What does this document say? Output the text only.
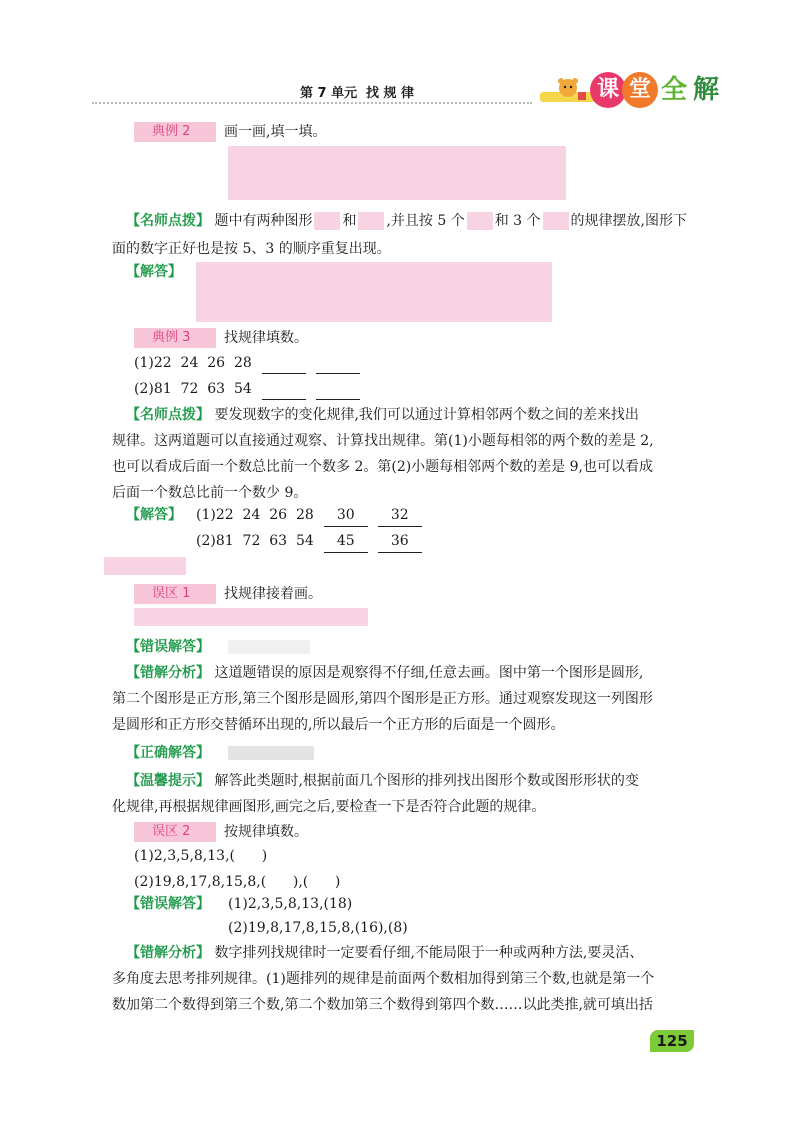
第 7 单元 找 规 律	课 堂 全 解
典例 2	画一画,填一填。
【名师点拨】 题中有两种图形 和 ,并且按 5 个 和 3 个 的规律摆放,图形下
面的数字正好也是按 5、3 的顺序重复出现。
【解答】
典例 3	找规律填数。
(1)22  24  26  28
(2)81  72  63  54
【名师点拨】 要发现数字的变化规律,我们可以通过计算相邻两个数之间的差来找出
规律。这两道题可以直接通过观察、计算找出规律。第(1)小题每相邻的两个数的差是 2,
也可以看成后面一个数总比前一个数多 2。第(2)小题每相邻两个数的差是 9,也可以看成
后面一个数总比前一个数少 9。
【解答】 (1)22  24  26  28 30	32
(2)81  72  63  54 45	36
误区 1	找规律接着画。
【错误解答】
【错解分析】 这道题错误的原因是观察得不仔细,任意去画。图中第一个图形是圆形,
第二个图形是正方形,第三个图形是圆形,第四个图形是正方形。通过观察发现这一列图形
是圆形和正方形交替循环出现的,所以最后一个正方形的后面是一个圆形。
【正确解答】
【温馨提示】 解答此类题时,根据前面几个图形的排列找出图形个数或图形形状的变
化规律,再根据规律画图形,画完之后,要检查一下是否符合此题的规律。
误区 2	按规律填数。
(1)2,3,5,8,13,(      )
(2)19,8,17,8,15,8,(      ),(      )
【错误解答】 (1)2,3,5,8,13,(18)
(2)19,8,17,8,15,8,(16),(8)
【错解分析】 数字排列找规律时一定要看仔细,不能局限于一种或两种方法,要灵活、
多角度去思考排列规律。(1)题排列的规律是前面两个数相加得到第三个数,也就是第一个
数加第二个数得到第三个数,第二个数加第三个数得到第四个数……以此类推,就可填出括
125
